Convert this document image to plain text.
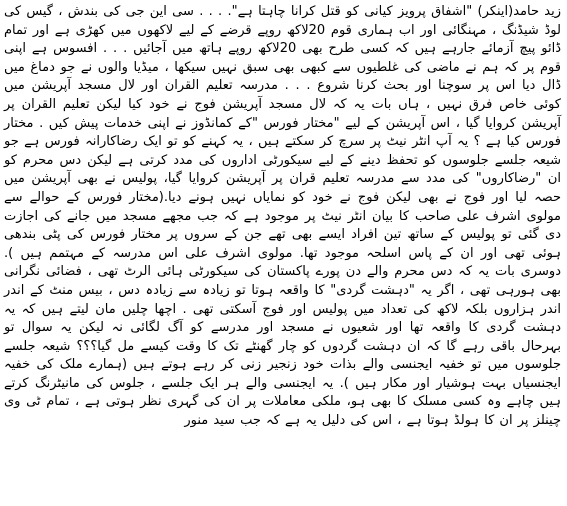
زید حامد(اینکر) "اشفاق پرویز کیانی کو قتل کرانا چاہتا ہے". . . . سی این جی کی بندش ، گیس کی لوڈ شیڈنگ ، مہنگائی اور اب ہماری قوم 20لاکھ روپے قرضے کے لیے لاکھوں میں کھڑی ہے اور تمام ڈائو پیچ آزمائے جارہے ہیں کہ کسی طرح بھی 20لاکھ روپے ہاتھ میں آجائیں . . . افسوس ہے اپنی قوم پر کہ ہم نے ماضی کی غلطیوں سے کبھی بھی سبق نہیں سیکھا ، میڈیا والوں نے جو دماغ میں ڈال دیا اس پر سوچنا اور بحث کرنا شروع . . . مدرسہ تعلیم القران اور لال مسجد آپریشن میں کوئی خاص فرق نہیں ، ہاں بات یہ کہ لال مسجد آپریشن فوج نے خود کیا لیکن تعلیم القران پر آپریشن کروایا گیا ، اس آپریشن کے لیے "مختار فورس "کے کمانڈوز نے اپنی خدمات پیش کیں . مختار فورس کیا ہے ؟ یہ آپ انٹر نیٹ پر سرچ کر سکتے ہیں ، یہ کہنے کو تو ایک رضاکارانہ فورس ہے جو شیعہ جلسے جلوسوں کو تحفظ دینے کے لیے سیکورٹی اداروں کی مدد کرتی ہے لیکن دس محرم کو ان "رضاکاروں" کی مدد سے مدرسہ تعلیم قران پر آپریشن کروایا گیا، پولیس نے بھی آپریشن میں حصہ لیا اور فوج نے بھی لیکن فوج نے خود کو نمایاں نہیں ہونے دیا.(مختار فورس کے حوالے سے مولوی اشرف علی صاحب کا بیان انٹر نیٹ پر موجود ہے کہ جب مجھے مسجد میں جانے کی اجازت دی گئی تو پولیس کے ساتھ تین افراد ایسے بھی تھے جن کے سروں پر مختار فورس کی پٹی بندھی ہوئی تھی اور ان کے پاس اسلحہ موجود تھا. مولوی اشرف علی اس مدرسہ کے مہتمم ہیں ). دوسری بات یہ کہ دس محرم والے دن پورے پاکستان کی سیکورٹی ہائی الرٹ تھی ، فضائی نگرانی بھی ہورہی تھی ، اگر یہ "دہشت گردی" کا واقعہ ہوتا تو زیادہ سے زیادہ دس ، بیس منٹ کے اندر اندر ہزاروں بلکہ لاکھ کی تعداد میں پولیس اور فوج آسکتی تھی . اچھا چلیں مان لیتے ہیں کہ یہ دہشت گردی کا واقعہ تھا اور شعیوں نے مسجد اور مدرسے کو آگ لگائی نہ لیکن یہ سوال تو بہرحال باقی رہے گا کہ ان دہشت گردوں کو چار گھنٹے تک کا وقت کیسے مل گیا؟؟؟ شیعہ جلسے جلوسوں میں تو خفیہ ایجنسی والے بذات خود زنجیر زنی کر رہے ہوتے ہیں (ہمارے ملک کی خفیہ ایجنسیاں بہت ہوشیار اور مکار ہیں ). یہ ایجنسی والے ہر ایک جلسے ، جلوس کی مانیٹرنگ کرتے ہیں چاہے وہ کسی مسلک کا بھی ہو، ملکی معاملات پر ان کی گہری نظر ہوتی ہے ، تمام ٹی وی چینلز پر ان کا ہولڈ ہوتا ہے ، اس کی دلیل یہ ہے کہ جب سید منور
